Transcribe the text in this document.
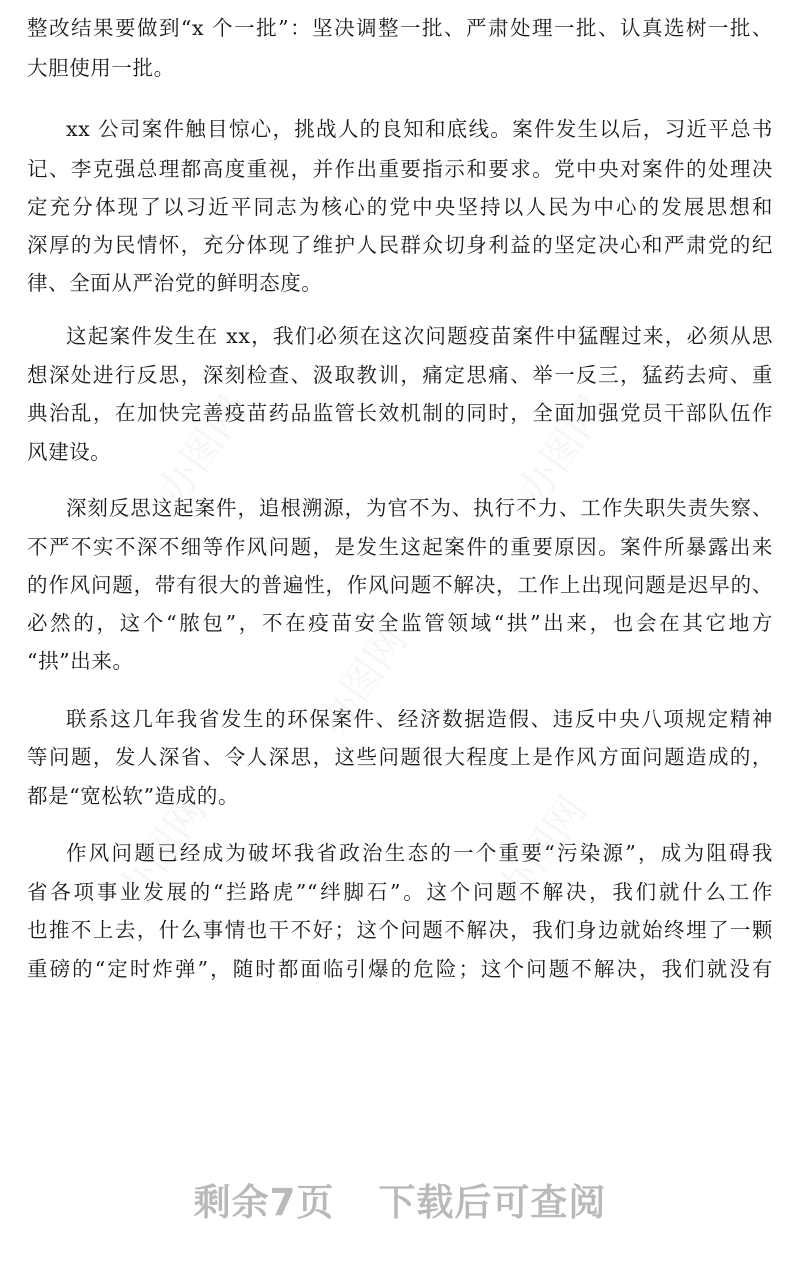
整改结果要做到“x 个一批”：坚决调整一批、严肃处理一批、认真选树一批、
大胆使用一批。
xx 公司案件触目惊心，挑战人的良知和底线。案件发生以后，习近平总书
记、李克强总理都高度重视，并作出重要指示和要求。党中央对案件的处理决
定充分体现了以习近平同志为核心的党中央坚持以人民为中心的发展思想和
深厚的为民情怀，充分体现了维护人民群众切身利益的坚定决心和严肃党的纪
律、全面从严治党的鲜明态度。
这起案件发生在 xx，我们必须在这次问题疫苗案件中猛醒过来，必须从思
想深处进行反思，深刻检查、汲取教训，痛定思痛、举一反三，猛药去疴、重
典治乱，在加快完善疫苗药品监管长效机制的同时，全面加强党员干部队伍作
风建设。
深刻反思这起案件，追根溯源，为官不为、执行不力、工作失职失责失察、
不严不实不深不细等作风问题，是发生这起案件的重要原因。案件所暴露出来
的作风问题，带有很大的普遍性，作风问题不解决，工作上出现问题是迟早的、
必然的，这个“脓包”，不在疫苗安全监管领域“拱”出来，也会在其它地方
“拱”出来。
联系这几年我省发生的环保案件、经济数据造假、违反中央八项规定精神
等问题，发人深省、令人深思，这些问题很大程度上是作风方面问题造成的，
都是“宽松软”造成的。
作风问题已经成为破坏我省政治生态的一个重要“污染源”，成为阻碍我
省各项事业发展的“拦路虎”“绊脚石”。这个问题不解决，我们就什么工作
也推不上去，什么事情也干不好；这个问题不解决，我们身边就始终埋了一颗
重磅的“定时炸弹”，随时都面临引爆的危险；这个问题不解决，我们就没有
剩余7页 下载后可查阅
